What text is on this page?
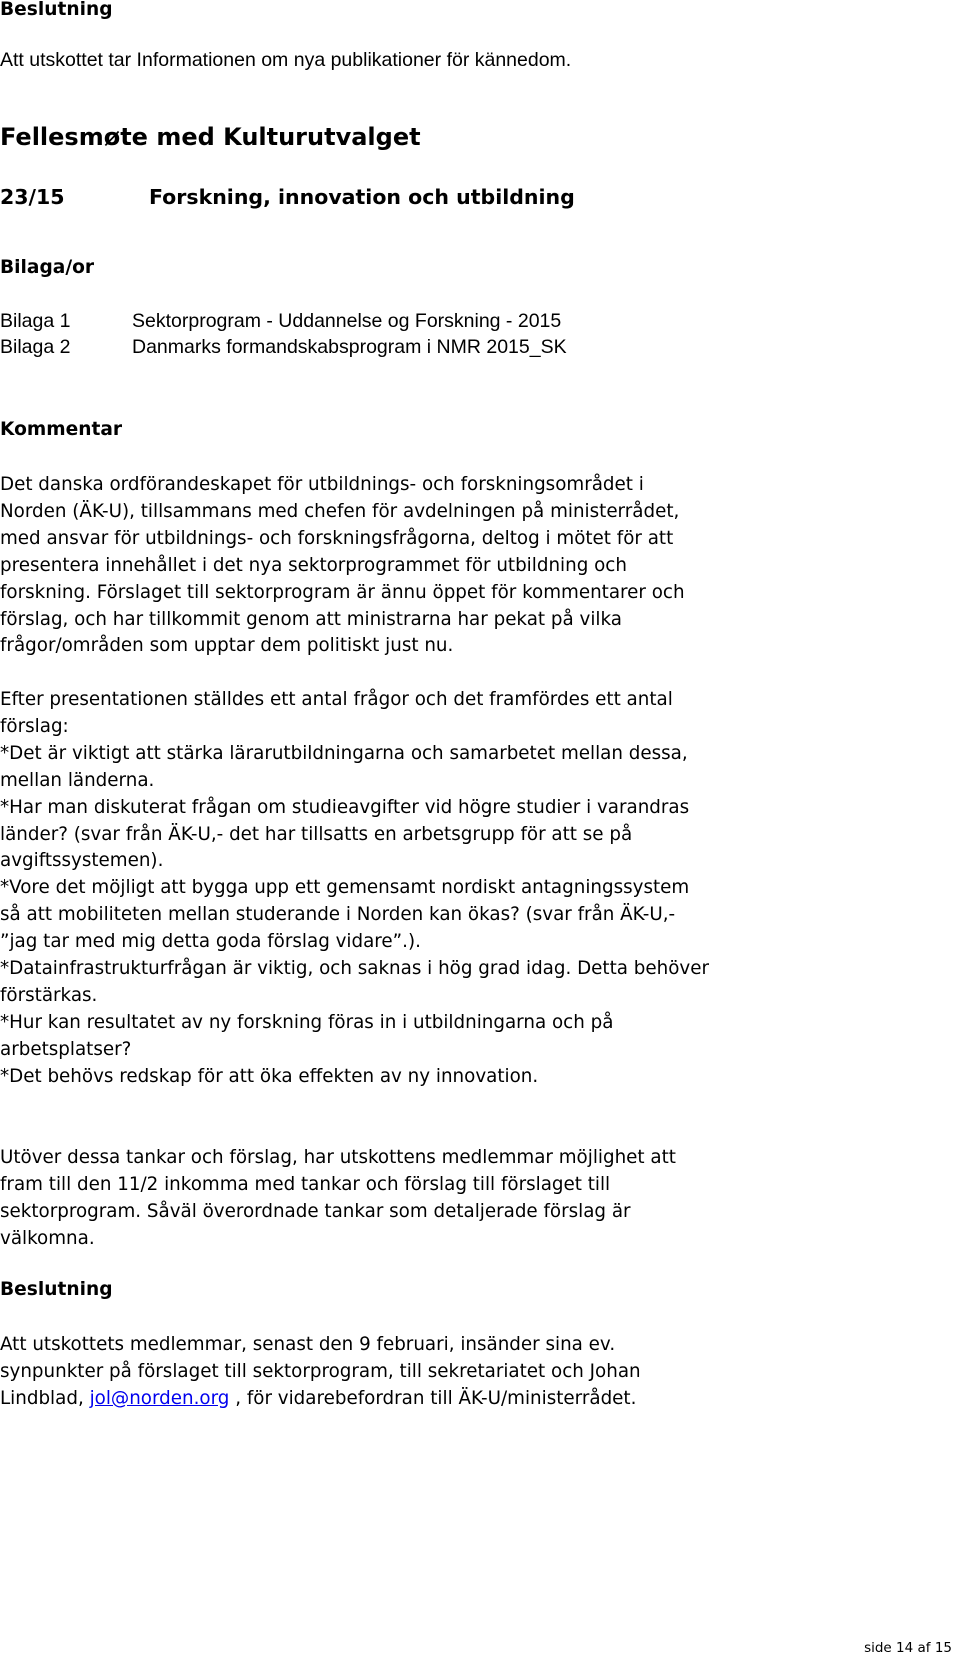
Beslutning
Att utskottet tar Informationen om nya publikationer för kännedom.
Fellesmøte med Kulturutvalget
23/15	Forskning, innovation och utbildning
Bilaga/or
Bilaga 1	Sektorprogram - Uddannelse og Forskning - 2015
Bilaga 2	Danmarks formandskabsprogram i NMR 2015_SK
Kommentar
Det danska ordförandeskapet för utbildnings- och forskningsområdet i
Norden (ÄK-U), tillsammans med chefen för avdelningen på ministerrådet,
med ansvar för utbildnings- och forskningsfrågorna, deltog i mötet för att
presentera innehållet i det nya sektorprogrammet för utbildning och
forskning. Förslaget till sektorprogram är ännu öppet för kommentarer och
förslag, och har tillkommit genom att ministrarna har pekat på vilka
frågor/områden som upptar dem politiskt just nu.
Efter presentationen ställdes ett antal frågor och det framfördes ett antal
förslag:
*Det är viktigt att stärka lärarutbildningarna och samarbetet mellan dessa,
mellan länderna.
*Har man diskuterat frågan om studieavgifter vid högre studier i varandras
länder? (svar från ÄK-U,- det har tillsatts en arbetsgrupp för att se på
avgiftssystemen).
*Vore det möjligt att bygga upp ett gemensamt nordiskt antagningssystem
så att mobiliteten mellan studerande i Norden kan ökas? (svar från ÄK-U,-
”jag tar med mig detta goda förslag vidare”.).
*Datainfrastrukturfrågan är viktig, och saknas i hög grad idag. Detta behöver
förstärkas.
*Hur kan resultatet av ny forskning föras in i utbildningarna och på
arbetsplatser?
*Det behövs redskap för att öka effekten av ny innovation.
Utöver dessa tankar och förslag, har utskottens medlemmar möjlighet att
fram till den 11/2 inkomma med tankar och förslag till förslaget till
sektorprogram. Såväl överordnade tankar som detaljerade förslag är
välkomna.
Beslutning
Att utskottets medlemmar, senast den 9 februari, insänder sina ev.
synpunkter på förslaget till sektorprogram, till sekretariatet och Johan
Lindblad, jol@norden.org , för vidarebefordran till ÄK-U/ministerrådet.
side 14 af 15
